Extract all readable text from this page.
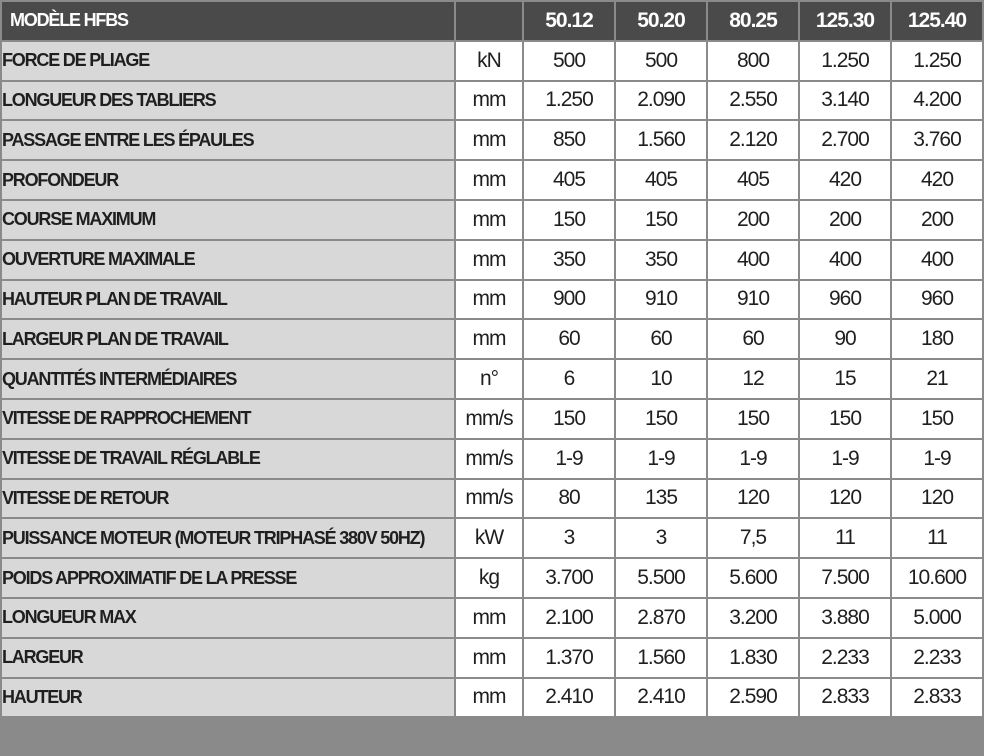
MODÈLE HFBS		50.12	50.20	80.25	125.30	125.40
FORCE DE PLIAGE	kN	500	500	800	1.250	1.250
LONGUEUR DES TABLIERS	mm	1.250	2.090	2.550	3.140	4.200
PASSAGE ENTRE LES ÉPAULES	mm	850	1.560	2.120	2.700	3.760
PROFONDEUR	mm	405	405	405	420	420
COURSE MAXIMUM	mm	150	150	200	200	200
OUVERTURE MAXIMALE	mm	350	350	400	400	400
HAUTEUR PLAN DE TRAVAIL	mm	900	910	910	960	960
LARGEUR PLAN DE TRAVAIL	mm	60	60	60	90	180
QUANTITÉS INTERMÉDIAIRES	n°	6	10	12	15	21
VITESSE DE RAPPROCHEMENT	mm/s	150	150	150	150	150
VITESSE DE TRAVAIL RÉGLABLE	mm/s	1-9	1-9	1-9	1-9	1-9
VITESSE DE RETOUR	mm/s	80	135	120	120	120
PUISSANCE MOTEUR (MOTEUR TRIPHASÉ 380V 50HZ)	kW	3	3	7,5	11	11
POIDS APPROXIMATIF DE LA PRESSE	kg	3.700	5.500	5.600	7.500	10.600
LONGUEUR MAX	mm	2.100	2.870	3.200	3.880	5.000
LARGEUR	mm	1.370	1.560	1.830	2.233	2.233
HAUTEUR	mm	2.410	2.410	2.590	2.833	2.833
